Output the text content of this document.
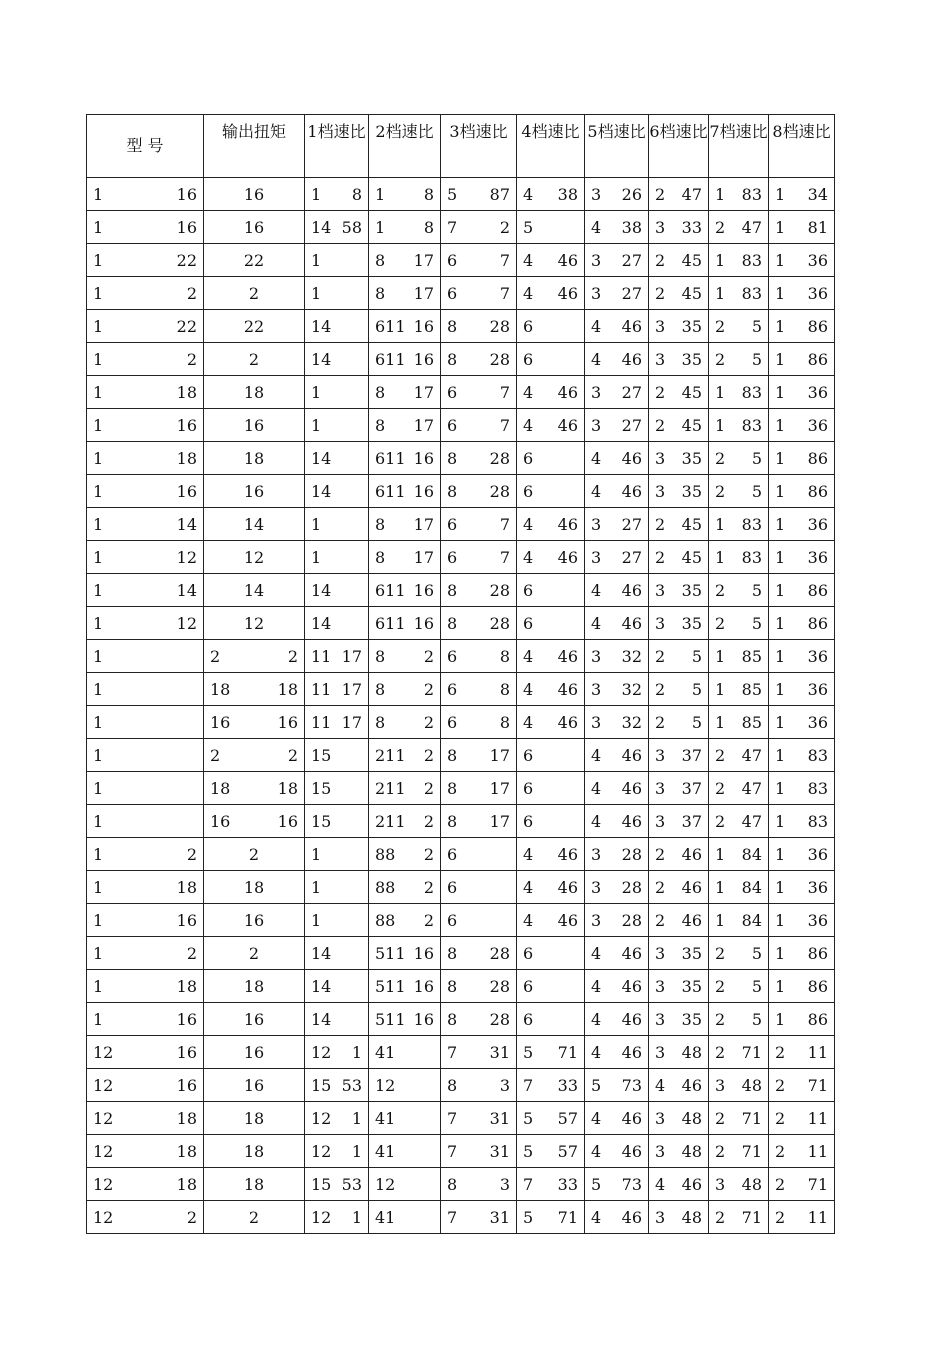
型 号	输出扭矩	1档速比	2档速比	3档速比	4档速比	5档速比	6档速比	7档速比	8档速比

1 16	16	1 8	1 8	5 87	4 38	3 26	2 47	1 83	1 34

1 16	16	14 58	1 8	7 2	5	4 38	3 33	2 47	1 81

1 22	22	1	8 17	6 7	4 46	3 27	2 45	1 83	1 36

1 2	2	1	8 17	6 7	4 46	3 27	2 45	1 83	1 36

1 22	22	14	611 16	8 28	6	4 46	3 35	2 5	1 86

1 2	2	14	611 16	8 28	6	4 46	3 35	2 5	1 86

1 18	18	1	8 17	6 7	4 46	3 27	2 45	1 83	1 36

1 16	16	1	8 17	6 7	4 46	3 27	2 45	1 83	1 36

1 18	18	14	611 16	8 28	6	4 46	3 35	2 5	1 86

1 16	16	14	611 16	8 28	6	4 46	3 35	2 5	1 86

1 14	14	1	8 17	6 7	4 46	3 27	2 45	1 83	1 36

1 12	12	1	8 17	6 7	4 46	3 27	2 45	1 83	1 36

1 14	14	14	611 16	8 28	6	4 46	3 35	2 5	1 86

1 12	12	14	611 16	8 28	6	4 46	3 35	2 5	1 86

1	2 2	11 17	8 2	6 8	4 46	3 32	2 5	1 85	1 36

1	18 18	11 17	8 2	6 8	4 46	3 32	2 5	1 85	1 36

1	16 16	11 17	8 2	6 8	4 46	3 32	2 5	1 85	1 36

1	2 2	15	211 2	8 17	6	4 46	3 37	2 47	1 83

1	18 18	15	211 2	8 17	6	4 46	3 37	2 47	1 83

1	16 16	15	211 2	8 17	6	4 46	3 37	2 47	1 83

1 2	2	1	88 2	6	4 46	3 28	2 46	1 84	1 36

1 18	18	1	88 2	6	4 46	3 28	2 46	1 84	1 36

1 16	16	1	88 2	6	4 46	3 28	2 46	1 84	1 36

1 2	2	14	511 16	8 28	6	4 46	3 35	2 5	1 86

1 18	18	14	511 16	8 28	6	4 46	3 35	2 5	1 86

1 16	16	14	511 16	8 28	6	4 46	3 35	2 5	1 86

12 16	16	12 1	41	7 31	5 71	4 46	3 48	2 71	2 11

12 16	16	15 53	12	8 3	7 33	5 73	4 46	3 48	2 71

12 18	18	12 1	41	7 31	5 57	4 46	3 48	2 71	2 11

12 18	18	12 1	41	7 31	5 57	4 46	3 48	2 71	2 11

12 18	18	15 53	12	8 3	7 33	5 73	4 46	3 48	2 71

12 2	2	12 1	41	7 31	5 71	4 46	3 48	2 71	2 11
